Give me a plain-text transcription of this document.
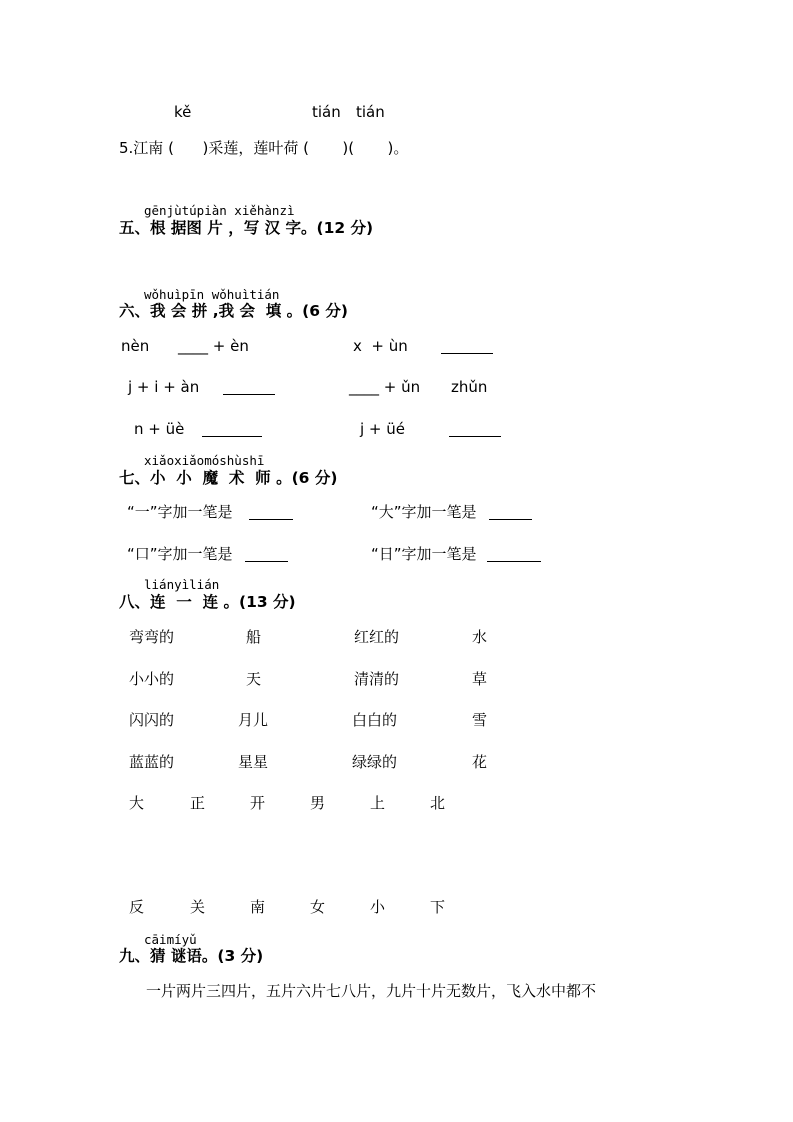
kě	tián tián
5.江南 (      )采莲，莲叶荷 (       )(       )。
gēnjùtúpiàn xiěhànzì
五、根 据图 片 ，写 汉 字。(12 分)
wǒhuìpīn wǒhuìtián
六、我 会 拼 ,我 会  填 。(6 分)
nèn ____ + èn	x  + ùn
j + i + àn	____ + ǔn zhǔn
n + üè	j + üé
xiǎoxiǎomóshùshī
七、小  小  魔  术  师 。(6 分)
“一”字加一笔是	“大”字加一笔是
“口”字加一笔是	“日”字加一笔是
liányìlián
八、连  一  连 。(13 分)
弯弯的	船	红红的	水
小小的	天	清清的	草
闪闪的	月儿	白白的	雪
蓝蓝的	星星	绿绿的	花
大	正	开	男	上	北
反	关	南	女	小	下
cāimíyǔ
九、猜 谜语。(3 分)
一片两片三四片，五片六片七八片，九片十片无数片，飞入水中都不
